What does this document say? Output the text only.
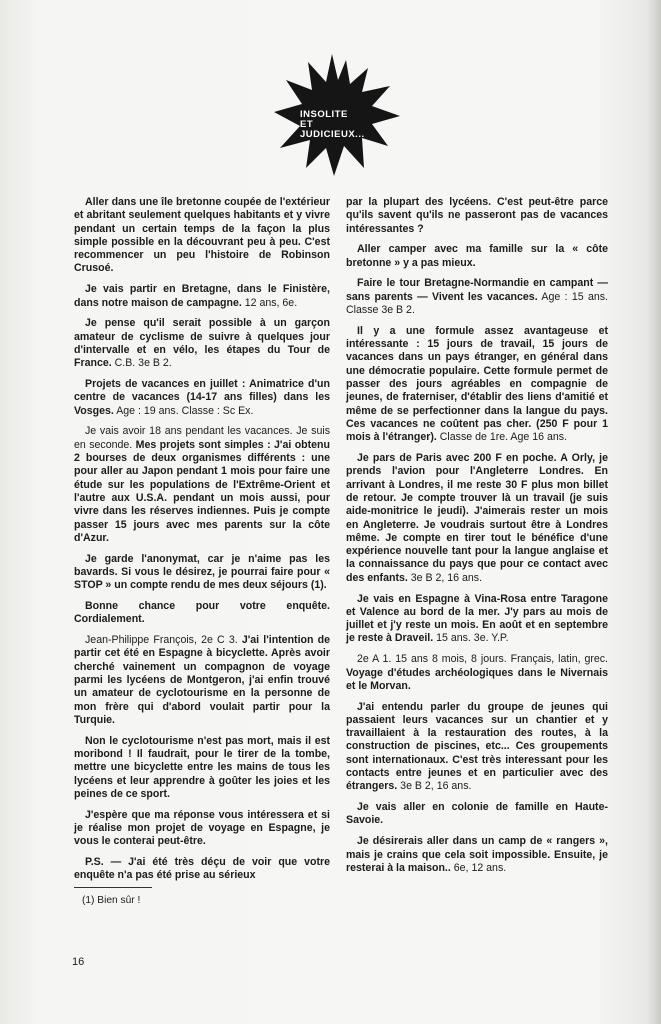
INSOLITE
ET
JUDICIEUX...

Aller dans une île bretonne coupée de l'extérieur et abritant seulement quelques habitants et y vivre pendant un certain temps de la façon la plus simple possible en la découvrant peu à peu. C'est recommencer un peu l'histoire de Robinson Crusoé.

Je vais partir en Bretagne, dans le Finistère, dans notre maison de campagne. 12 ans, 6e.

Je pense qu'il serait possible à un garçon amateur de cyclisme de suivre à quelques jour d'intervalle et en vélo, les étapes du Tour de France. C.B. 3e B 2.

Projets de vacances en juillet : Animatrice d'un centre de vacances (14-17 ans filles) dans les Vosges. Age : 19 ans. Classe : Sc Ex.

Je vais avoir 18 ans pendant les vacances. Je suis en seconde. Mes projets sont simples : J'ai obtenu 2 bourses de deux organismes différents : une pour aller au Japon pendant 1 mois pour faire une étude sur les populations de l'Extrême-Orient et l'autre aux U.S.A. pendant un mois aussi, pour vivre dans les réserves indiennes. Puis je compte passer 15 jours avec mes parents sur la côte d'Azur.

Je garde l'anonymat, car je n'aime pas les bavards. Si vous le désirez, je pourrai faire pour « STOP » un compte rendu de mes deux séjours (1).

Bonne chance pour votre enquête. Cordialement.

Jean-Philippe François, 2e C 3. J'ai l'intention de partir cet été en Espagne à bicyclette. Après avoir cherché vainement un compagnon de voyage parmi les lycéens de Montgeron, j'ai enfin trouvé un amateur de cyclotourisme en la personne de mon frère qui d'abord voulait partir pour la Turquie.

Non le cyclotourisme n'est pas mort, mais il est moribond ! Il faudrait, pour le tirer de la tombe, mettre une bicyclette entre les mains de tous les lycéens et leur apprendre à goûter les joies et les peines de ce sport.

J'espère que ma réponse vous intéressera et si je réalise mon projet de voyage en Espagne, je vous le conterai peut-être.

P.S. — J'ai été très déçu de voir que votre enquête n'a pas été prise au sérieux

(1) Bien sûr !

par la plupart des lycéens. C'est peut-être parce qu'ils savent qu'ils ne passeront pas de vacances intéressantes ?

Aller camper avec ma famille sur la « côte bretonne » y a pas mieux.

Faire le tour Bretagne-Normandie en campant — sans parents — Vivent les vacances. Age : 15 ans. Classe 3e B 2.

Il y a une formule assez avantageuse et intéressante : 15 jours de travail, 15 jours de vacances dans un pays étranger, en général dans une démocratie populaire. Cette formule permet de passer des jours agréables en compagnie de jeunes, de fraterniser, d'établir des liens d'amitié et même de se perfectionner dans la langue du pays. Ces vacances ne coûtent pas cher. (250 F pour 1 mois à l'étranger). Classe de 1re. Age 16 ans.

Je pars de Paris avec 200 F en poche. A Orly, je prends l'avion pour l'Angleterre Londres. En arrivant à Londres, il me reste 30 F plus mon billet de retour. Je compte trouver là un travail (je suis aide-monitrice le jeudi). J'aimerais rester un mois en Angleterre. Je voudrais surtout être à Londres même. Je compte en tirer tout le bénéfice d'une expérience nouvelle tant pour la langue anglaise et la connaissance du pays que pour ce contact avec des enfants. 3e B 2, 16 ans.

Je vais en Espagne à Vina-Rosa entre Taragone et Valence au bord de la mer. J'y pars au mois de juillet et j'y reste un mois. En août et en septembre je reste à Draveil. 15 ans. 3e. Y.P.

2e A 1. 15 ans 8 mois, 8 jours. Français, latin, grec. Voyage d'études archéologiques dans le Nivernais et le Morvan.

J'ai entendu parler du groupe de jeunes qui passaient leurs vacances sur un chantier et y travaillaient à la restauration des routes, à la construction de piscines, etc... Ces groupements sont internationaux. C'est très interessant pour les contacts entre jeunes et en particulier avec des étrangers. 3e B 2, 16 ans.

Je vais aller en colonie de famille en Haute-Savoie.

Je désirerais aller dans un camp de « rangers », mais je crains que cela soit impossible. Ensuite, je resterai à la maison.. 6e, 12 ans.

16
